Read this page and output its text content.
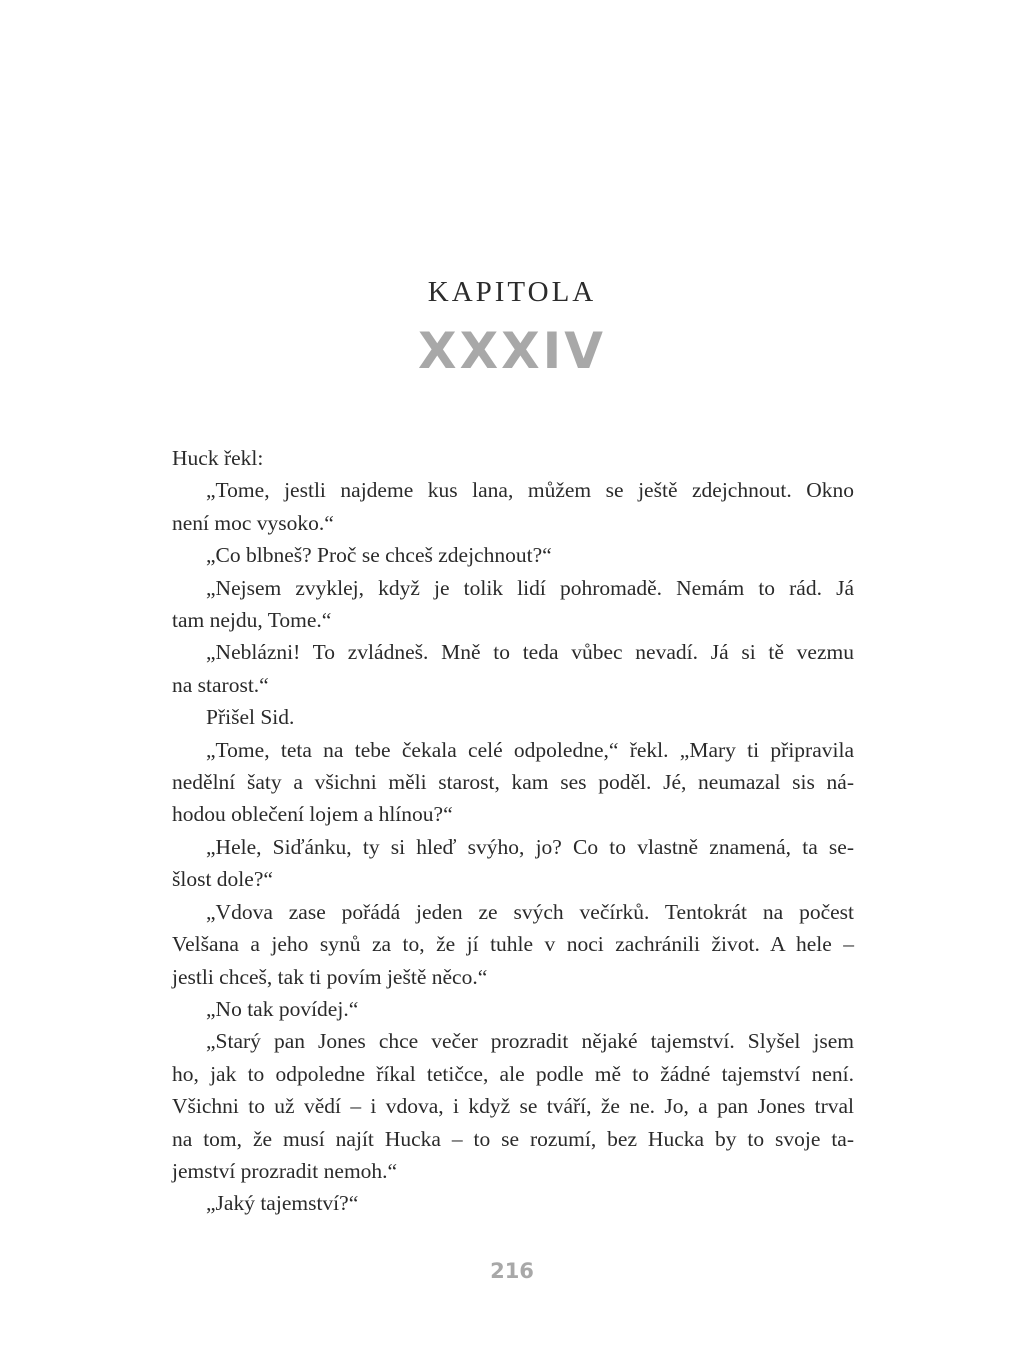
KAPITOLA
XXXIV
Huck řekl:
„Tome, jestli najdeme kus lana, můžem se ještě zdejchnout. Okno
není moc vysoko.“
„Co blbneš? Proč se chceš zdejchnout?“
„Nejsem zvyklej, když je tolik lidí pohromadě. Nemám to rád. Já
tam nejdu, Tome.“
„Neblázni! To zvládneš. Mně to teda vůbec nevadí. Já si tě vezmu
na starost.“
Přišel Sid.
„Tome, teta na tebe čekala celé odpoledne,“ řekl. „Mary ti připravila
nedělní šaty a všichni měli starost, kam ses poděl. Jé, neumazal sis ná-
hodou oblečení lojem a hlínou?“
„Hele, Siďánku, ty si hleď svýho, jo? Co to vlastně znamená, ta se-
šlost dole?“
„Vdova zase pořádá jeden ze svých večírků. Tentokrát na počest
Velšana a jeho synů za to, že jí tuhle v noci zachránili život. A hele –
jestli chceš, tak ti povím ještě něco.“
„No tak povídej.“
„Starý pan Jones chce večer prozradit nějaké tajemství. Slyšel jsem
ho, jak to odpoledne říkal tetičce, ale podle mě to žádné tajemství není.
Všichni to už vědí – i vdova, i když se tváří, že ne. Jo, a pan Jones trval
na tom, že musí najít Hucka – to se rozumí, bez Hucka by to svoje ta-
jemství prozradit nemoh.“
„Jaký tajemství?“
216
